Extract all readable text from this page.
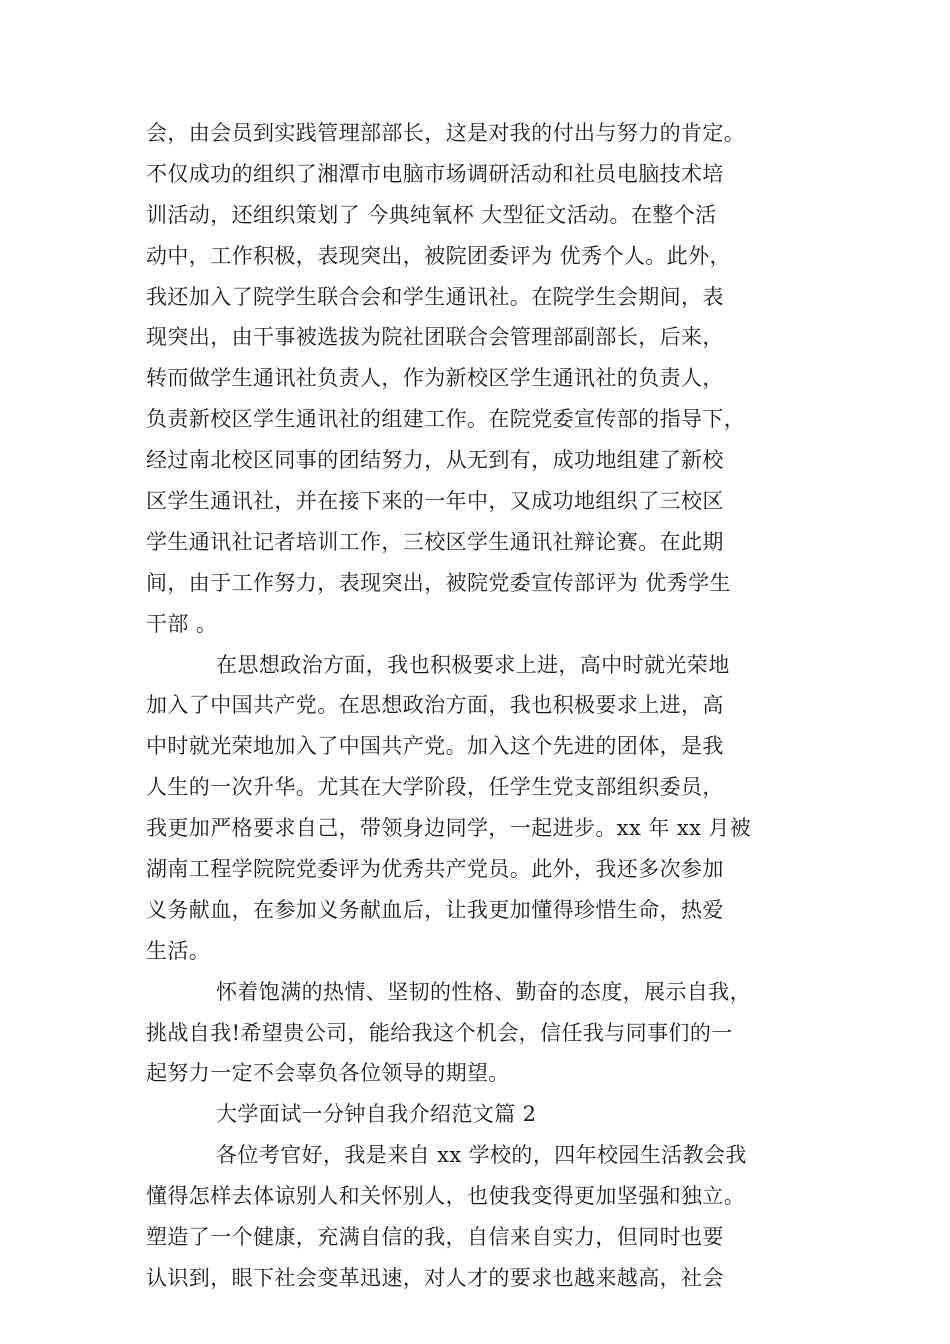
会，由会员到实践管理部部长，这是对我的付出与努力的肯定。
不仅成功的组织了湘潭市电脑市场调研活动和社员电脑技术培
训活动，还组织策划了 今典纯氧杯 大型征文活动。在整个活
动中，工作积极，表现突出，被院团委评为 优秀个人。此外，
我还加入了院学生联合会和学生通讯社。在院学生会期间，表
现突出，由干事被选拔为院社团联合会管理部副部长，后来，
转而做学生通讯社负责人，作为新校区学生通讯社的负责人，
负责新校区学生通讯社的组建工作。在院党委宣传部的指导下，
经过南北校区同事的团结努力，从无到有，成功地组建了新校
区学生通讯社，并在接下来的一年中，又成功地组织了三校区
学生通讯社记者培训工作，三校区学生通讯社辩论赛。在此期
间，由于工作努力，表现突出，被院党委宣传部评为 优秀学生
干部 。
在思想政治方面，我也积极要求上进，高中时就光荣地
加入了中国共产党。在思想政治方面，我也积极要求上进，高
中时就光荣地加入了中国共产党。加入这个先进的团体，是我
人生的一次升华。尤其在大学阶段，任学生党支部组织委员，
我更加严格要求自己，带领身边同学，一起进步。xx 年 xx 月被
湖南工程学院院党委评为优秀共产党员。此外，我还多次参加
义务献血，在参加义务献血后，让我更加懂得珍惜生命，热爱
生活。
怀着饱满的热情、坚韧的性格、勤奋的态度，展示自我，
挑战自我!希望贵公司，能给我这个机会，信任我与同事们的一
起努力一定不会辜负各位领导的期望。
大学面试一分钟自我介绍范文篇 2
各位考官好，我是来自 xx 学校的，四年校园生活教会我
懂得怎样去体谅别人和关怀别人，也使我变得更加坚强和独立。
塑造了一个健康，充满自信的我，自信来自实力，但同时也要
认识到，眼下社会变革迅速，对人才的要求也越来越高，社会
